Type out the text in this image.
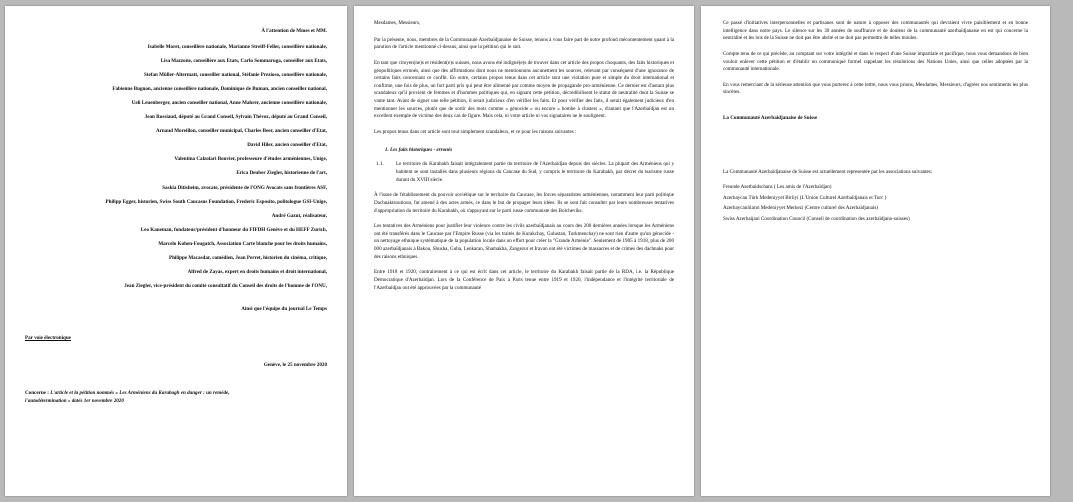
À l'attention de Mmes et MM.
Isabelle Moret, conseillère nationale, Marianne Streiff-Feller, conseillère nationale,
Lisa Mazzone, conseillère aux Etats, Carlo Sommaruga, conseiller aux Etats,
Stefan Müller-Altermatt, conseiller national, Stéfanie Prezioso, conseillère nationale,
Fabienne Bugnon, ancienne conseillère nationale, Dominique de Buman, ancien conseiller national,
Ueli Leuenberger, ancien conseiller national, Anne Mahrer, ancienne conseillère nationale,
Jean Rossiaud, député au Grand Conseil, Sylvain Thévoz, député au Grand Conseil,
Arnaud Moreillon, conseiller municipal, Charles Beer, ancien conseiller d'Etat,
David Hiler, ancien conseiller d'Etat,
Valentina Calzolari Bouvier, professeure d'études arméniennes, Unige,
Erica Deuber Ziegler, historienne de l'art,
Saskia Ditisheim, avocate, présidente de l'ONG Avocats sans frontières ASF,
Philipp Egger, historien, Swiss South Caucasus Foundation, Frederic Esposito, politologue GSI-Unige,
André Gazut, réalisateur,
Leo Kaneman, fondateur/président d'honneur du FIFDH Genève et du HEFF Zurich,
Marcelo Kohen-Fougatch, Association Carte blanche pour les droits humains,
Philippe Macasdar, comédien, Jean Perret, historien du cinéma, critique,
Alfred de Zayas, expert en droits humains et droit international,
Jean Ziegler, vice-président du comité consultatif du Conseil des droits de l'homme de l'ONU,
Ainsi que l'équipe du journal Le Temps
Par voie électronique
Genève, le 25 novembre 2020
Concerne : L'article et la pétition nommés « Les Arméniens du Karabagh en danger : un remède,
l'autodétermination » datés 1er novembre 2020

Mesdames, Messieurs,

Par la présente, nous, membres de la Communauté Azerbaïdjanaise de Suisse, tenons à vous faire part de notre profond mécontentement quant à la parution de l'article mentionné ci-dessus, ainsi que la pétition qui le suit.

En tant que citoyen(ne)s et résident(e)s suisses, nous avons été indigné(e)s de trouver dans cet article des propos choquants, des faits historiques et géopolitiques erronés, ainsi que des affirmations dont nous ne mentionnons aucunement les sources, relevant par conséquent d'une ignorance de certains faits concernant ce conflit. En outre, certains propos tenus dans cet article sont une violation pure et simple du droit international et confirme, une fois de plus, un fort parti pris qui peut être alimenté par comme moyen de propagande pro-arménienne. Ce dernier est d'autant plus scandaleux qu'il provient de femmes et d'hommes politiques qui, en signant cette pétition, décrédibilisent le statut de neutralité dont la Suisse se vante tant. Avant de signer une telle pétition, il serait judicieux d'en vérifier les faits. Et pour vérifier des faits, il serait également judicieux d'en mentionner les sources, plutôt que de sortir des mots comme « génocide » ou encore « bombe à clusters », d'autant que l'Azerbaïdjan est un excellent exemple de victime des deux cas de figure. Mais cela, ni votre article ni vos signataires ne le soulignent.

Les propos tenus dans cet article sont tout simplement scandaleux, et ce pour les raisons suivantes :

1. Les faits historiques - erronés
1.1.	Le territoire du Karabakh faisait intégralement partie du territoire de l'Azerbaïdjan depuis des siècles. La plupart des Arméniens qui y habitent se sont installés dans plusieurs régions du Caucase du Sud, y compris le territoire du Karabakh, par décret du tsarisme russe durant du XVIII siècle.

À l'issue de l'établissement du pouvoir soviétique sur le territoire du Caucase, les forces séparatistes arméniennes, notamment leur parti politique Dachnaktsoutioun, fut amené à des actes armés, ce dans le but de propager leurs idées. Ils se sont fait consulter par leurs nombreuses tentatives d'appropriation du territoire du Karabakh, où s'appuyant sur le parti russe communiste des Bolcheviks.

Les tentatives des Arméniens pour justifier leur violence contre les civils azerbaïdjanais au cours des 200 dernières années lorsque les Arméniens ont été transférés dans le Caucase par l'Empire Russe (via les traités de Kurakchay, Gulustan, Turkmenchay) ne sont rien d'autre qu'un génocide - un nettoyage ethnique systématique de la population locale dans un effort pour créer la "Grande Arménie". Seulement de 1905 à 1918, plus de 200 000 azerbaïdjanais à Bakou, Shusha, Guba, Lenkaran, Shamakha, Zangezur et Iravan ont été victimes de massacres et de crimes des dachnaks pour des raisons ethniques.

Entre 1918 et 1920, contrairement à ce qui est écrit dans cet article, le territoire du Karabakh faisait partie de la RDA, i.e. la République Démocratique d'Azerbaïdjan. Lors de la Conférence de Paix à Paris tenue entre 1919 et 1920, l'indépendance et l'intégrité territoriale de l'Azerbaïdjan ont été approuvées par la communauté

Ce passé d'initiatives interpersonnelles et partisanes sont de nature à opposer des communautés qui devraient vivre paisiblement et en bonne intelligence dans notre pays. Le silence sur les 30 années de souffrance et de douleur de la communauté azerbaïdjanaise en est qui concerne la neutralité et les lois de la Suisse ne doit pas être abrité et ne doit pas permettre de telles moules.

Compte tenu de ce qui précède, au comptant sur votre intégrité et dans le respect d'une Suisse impartiale et pacifique, nous vous demandons de bien vouloir enlever cette pétition et d'établir un communiqué formel rappelant les résolutions des Nations Unies, ainsi que celles adoptées par la communauté internationale.

En vous remerciant de la sérieuse attention que vous porterez à cette lettre, nous vous prions, Mesdames, Messieurs, d'agréer nos sentiments les plus sincères.

La Communauté Azerbaïdjanaise de Suisse
La Communauté Azerbaïdjanaise de Suisse est actuellement representée par les associations suivantes:
Freunde Aserbaidschans ( Les amis de l'Azerbaïdjan)
Azerbaycan Türk Medeniyyet Birliyi (L'Union Culturel Azerbaïdjanais et Turc )
Azerbaycanlıların Medeniyyet Merkezi (Centre culturel des Azerbaïdjanais)
Swiss Azerbaijani Coordination Council (Conseil de coordination des azerbaïdjano-suisses)
